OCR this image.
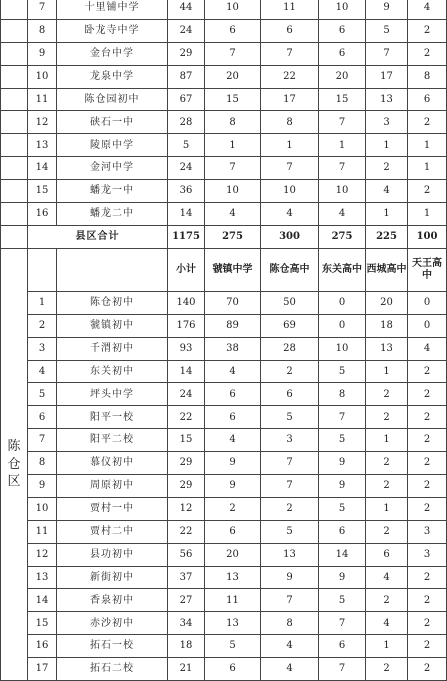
	7	十里铺中学	44	10	11	10	9	4
	8	卧龙寺中学	24	6	6	6	5	2
	9	金台中学	29	7	7	6	7	2
	10	龙泉中学	87	20	22	20	17	8
	11	陈仓园初中	67	15	17	15	13	6
	12	硖石一中	28	8	8	7	3	2
	13	陵原中学	5	1	1	1	1	1
	14	金河中学	24	7	7	7	2	1
	15	蟠龙一中	36	10	10	10	4	2
	16	蟠龙二中	14	4	4	4	1	1
	县区合计		1175	275	300	275	225	100

陈
仓
区			小计	虢镇中学	陈仓高中	东关高中	西城高中	天王高中
	1	陈仓初中	140	70	50	0	20	0
	2	虢镇初中	176	89	69	0	18	0
	3	千渭初中	93	38	28	10	13	4
	4	东关初中	14	4	2	5	1	2
	5	坪头中学	24	6	6	8	2	2
	6	阳平一校	22	6	5	7	2	2
	7	阳平二校	15	4	3	5	1	2
	8	慕仪初中	29	9	7	9	2	2
	9	周原初中	29	9	7	9	2	2
	10	贾村一中	12	2	2	5	1	2
	11	贾村二中	22	6	5	6	2	3
	12	县功初中	56	20	13	14	6	3
	13	新街初中	37	13	9	9	4	2
	14	香泉初中	27	11	7	5	2	2
	15	赤沙初中	34	13	8	7	4	2
	16	拓石一校	18	5	4	6	1	2
	17	拓石二校	21	6	4	7	2	2
